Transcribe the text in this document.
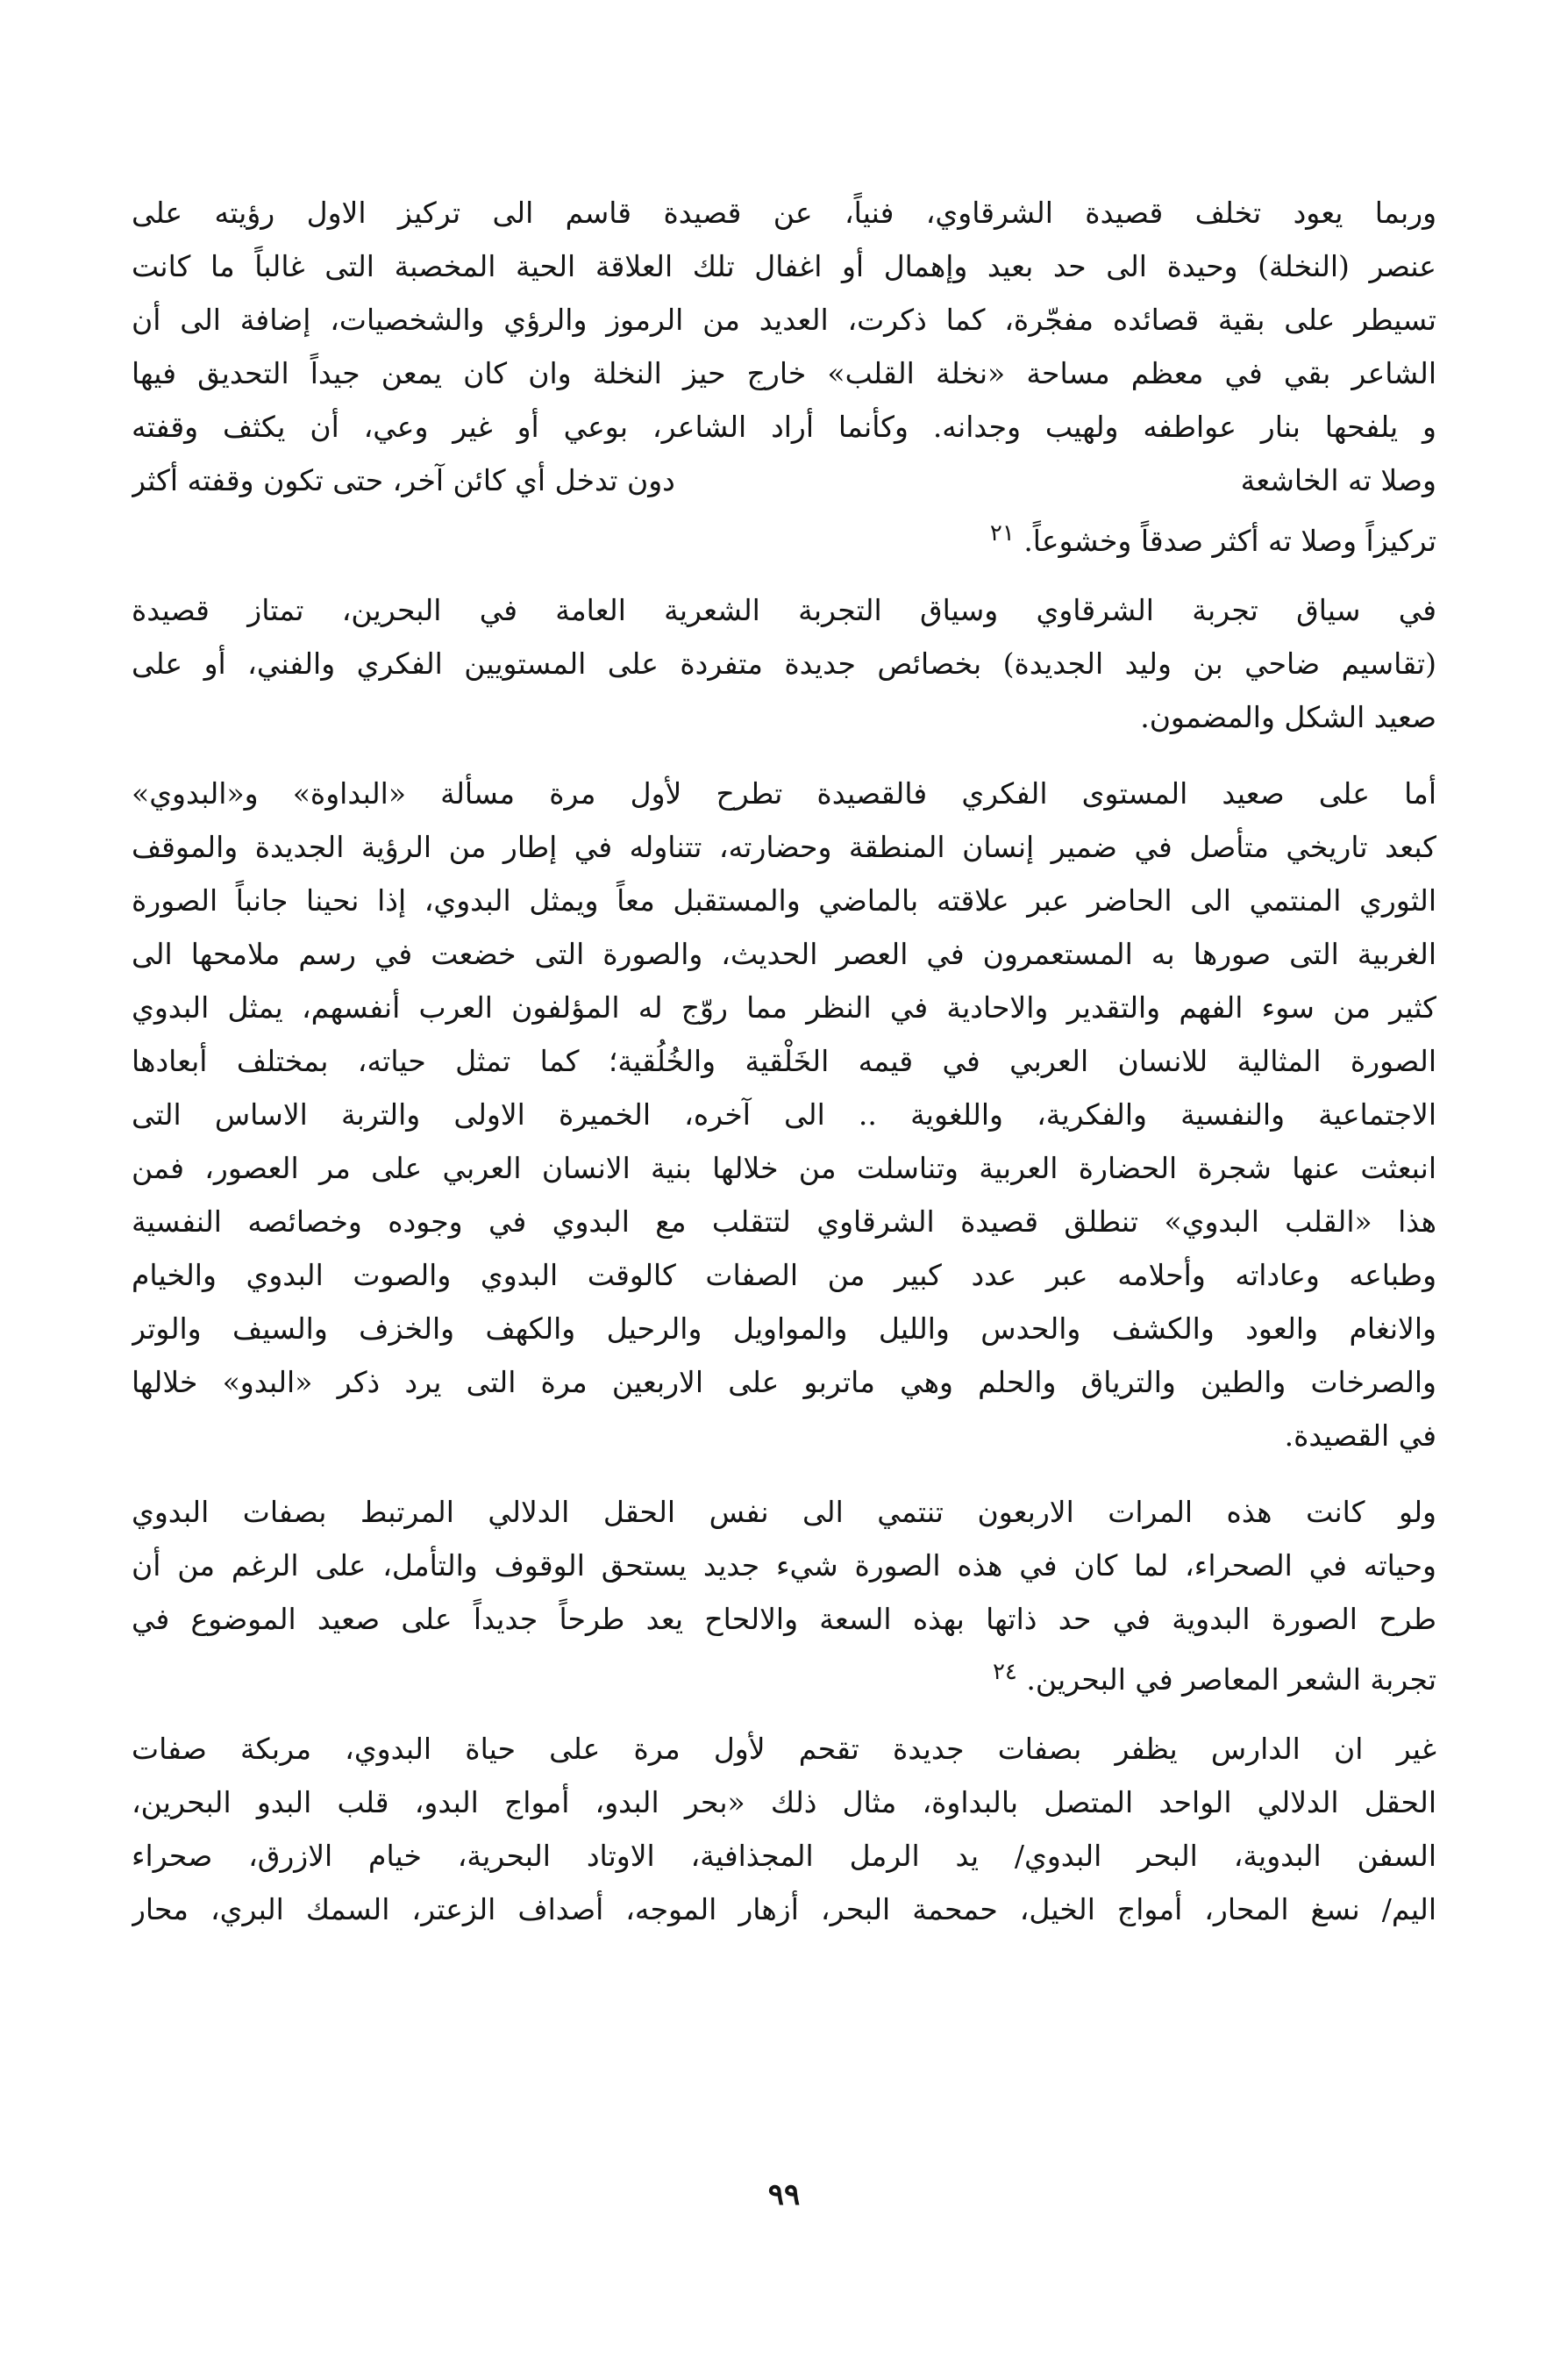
وربما يعود تخلف قصيدة الشرقاوي، فنياً، عن قصيدة قاسم الى تركيز الاول رؤيته على
عنصر (النخلة) وحيدة الى حد بعيد وإهمال أو اغفال تلك العلاقة الحية المخصبة التى غالباً ما كانت
تسيطر على بقية قصائده مفجّرة، كما ذكرت، العديد من الرموز والرؤي والشخصيات، إضافة الى أن
الشاعر بقي في معظم مساحة «نخلة القلب» خارج حيز النخلة وان كان يمعن جيداً التحديق فيها
و يلفحها بنار عواطفه ولهيب وجدانه. وكأنما أراد الشاعر، بوعي أو غير وعي، أن يكثف وقفته
وصلا ته الخاشعة
دون تدخل أي كائن آخر، حتى تكون وقفته أكثر
تركيزاً وصلا ته أكثر صدقاً وخشوعاً. $^{٢١}$
في سياق تجربة الشرقاوي وسياق التجربة الشعرية العامة في البحرين، تمتاز قصيدة
(تقاسيم ضاحي بن وليد الجديدة) بخصائص جديدة متفردة على المستويين الفكري والفني، أو على
صعيد الشكل والمضمون.
أما على صعيد المستوى الفكري فالقصيدة تطرح لأول مرة مسألة «البداوة» و«البدوي»
كبعد تاريخي متأصل في ضمير إنسان المنطقة وحضارته، تتناوله في إطار من الرؤية الجديدة والموقف
الثوري المنتمي الى الحاضر عبر علاقته بالماضي والمستقبل معاً ويمثل البدوي، إذا نحينا جانباً الصورة
الغربية التى صورها به المستعمرون في العصر الحديث، والصورة التى خضعت في رسم ملامحها الى
كثير من سوء الفهم والتقدير والاحادية في النظر مما روّج له المؤلفون العرب أنفسهم، يمثل البدوي
الصورة المثالية للانسان العربي في قيمه الخَلْقية والخُلُقية؛ كما تمثل حياته، بمختلف أبعادها
الاجتماعية والنفسية والفكرية، واللغوية .. الى آخره، الخميرة الاولى والتربة الاساس التى
انبعثت عنها شجرة الحضارة العربية وتناسلت من خلالها بنية الانسان العربي على مر العصور، فمن
هذا «القلب البدوي» تنطلق قصيدة الشرقاوي لتتقلب مع البدوي في وجوده وخصائصه النفسية
وطباعه وعاداته وأحلامه عبر عدد كبير من الصفات كالوقت البدوي والصوت البدوي والخيام
والانغام والعود والكشف والحدس والليل والمواويل والرحيل والكهف والخزف والسيف والوتر
والصرخات والطين والترياق والحلم وهي ماتربو على الاربعين مرة التى يرد ذكر «البدو» خلالها
في القصيدة.
ولو كانت هذه المرات الاربعون تنتمي الى نفس الحقل الدلالي المرتبط بصفات البدوي
وحياته في الصحراء، لما كان في هذه الصورة شيء جديد يستحق الوقوف والتأمل، على الرغم من أن
طرح الصورة البدوية في حد ذاتها بهذه السعة والالحاح يعد طرحاً جديداً على صعيد الموضوع في
تجربة الشعر المعاصر في البحرين. $^{٢٤}$
غير ان الدارس يظفر بصفات جديدة تقحم لأول مرة على حياة البدوي، مربكة صفات
الحقل الدلالي الواحد المتصل بالبداوة، مثال ذلك «بحر البدو، أمواج البدو، قلب البدو البحرين،
السفن البدوية، البحر البدوي/ يد الرمل المجذافية، الاوتاد البحرية، خيام الازرق، صحراء
اليم/ نسغ المحار، أمواج الخيل، حمحمة البحر، أزهار الموجه، أصداف الزعتر، السمك البري، محار
٩٩
